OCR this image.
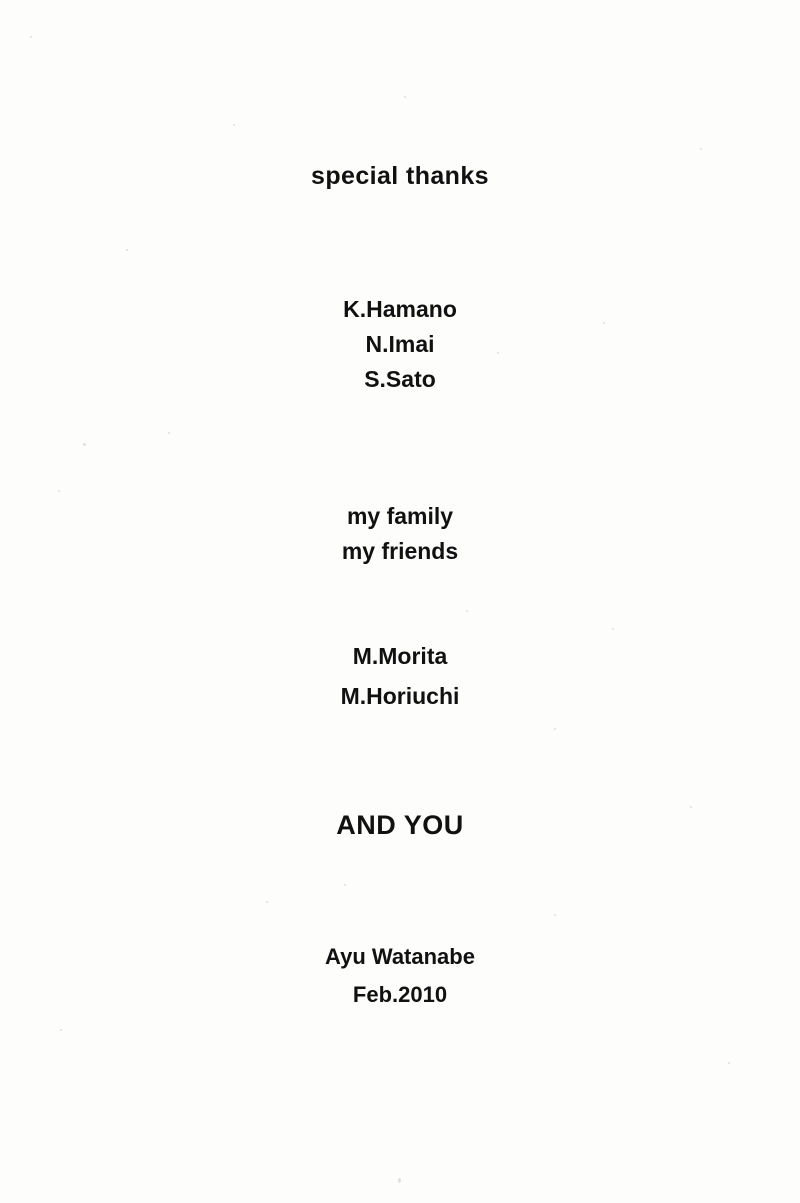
special thanks
K.Hamano
N.Imai
S.Sato
my family
my friends
M.Morita
M.Horiuchi
AND YOU
Ayu Watanabe
Feb.2010
